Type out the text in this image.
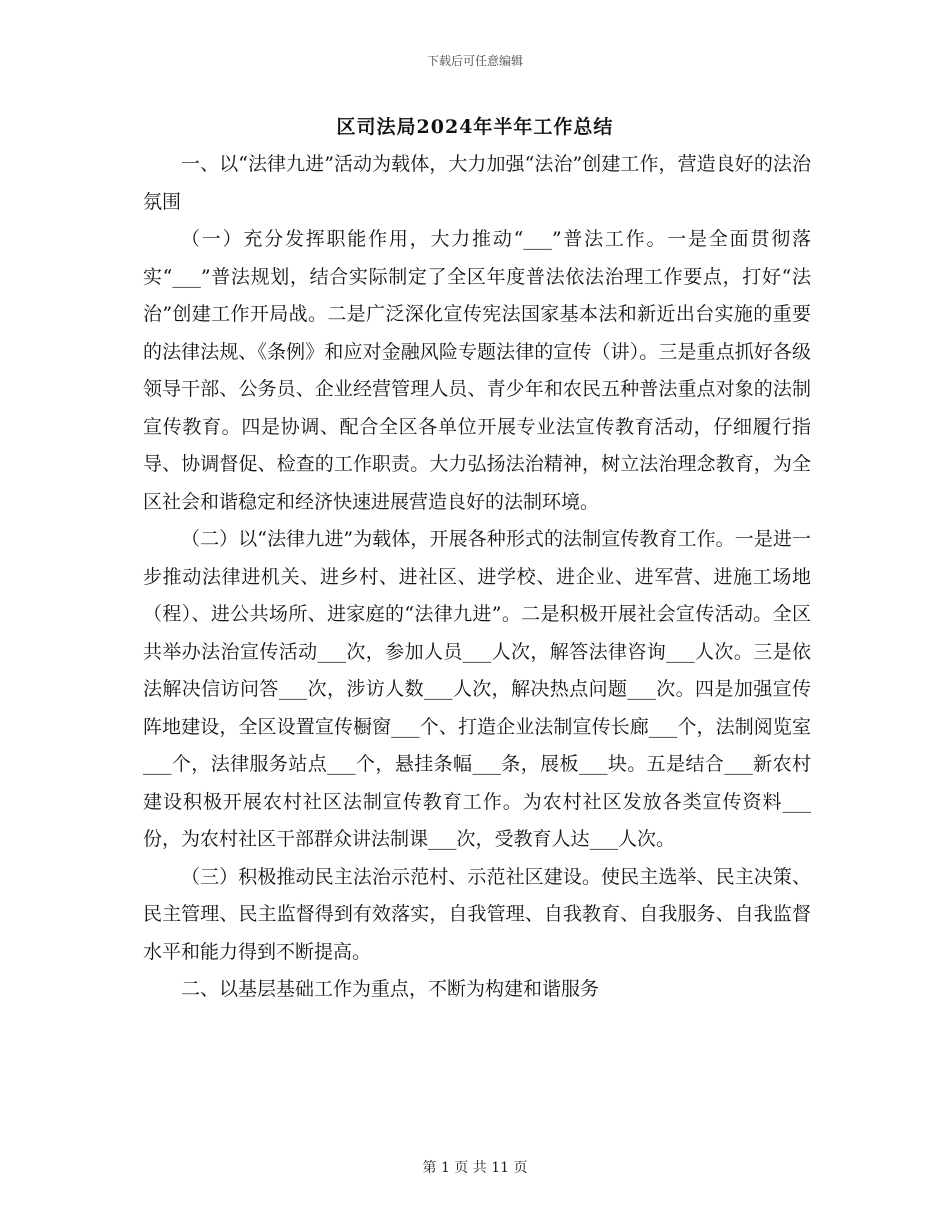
下载后可任意编辑
区司法局2024年半年工作总结

一、以“法律九进”活动为载体，大力加强“法治”创建工作，营造良好的法治氛围

（一）充分发挥职能作用，大力推动“___”普法工作。一是全面贯彻落实“___”普法规划，结合实际制定了全区年度普法依法治理工作要点，打好“法治”创建工作开局战。二是广泛深化宣传宪法国家基本法和新近出台实施的重要的法律法规、《条例》和应对金融风险专题法律的宣传（讲）。三是重点抓好各级领导干部、公务员、企业经营管理人员、青少年和农民五种普法重点对象的法制宣传教育。四是协调、配合全区各单位开展专业法宣传教育活动，仔细履行指导、协调督促、检查的工作职责。大力弘扬法治精神，树立法治理念教育，为全区社会和谐稳定和经济快速进展营造良好的法制环境。

（二）以“法律九进”为载体，开展各种形式的法制宣传教育工作。一是进一步推动法律进机关、进乡村、进社区、进学校、进企业、进军营、进施工场地（程）、进公共场所、进家庭的“法律九进”。二是积极开展社会宣传活动。全区共举办法治宣传活动___次，参加人员___人次，解答法律咨询___人次。三是依法解决信访问答___次，涉访人数___人次，解决热点问题___次。四是加强宣传阵地建设，全区设置宣传橱窗___个、打造企业法制宣传长廊___个，法制阅览室___个，法律服务站点___个，悬挂条幅___条，展板___块。五是结合___新农村建设积极开展农村社区法制宣传教育工作。为农村社区发放各类宣传资料___份，为农村社区干部群众讲法制课___次，受教育人达___人次。

（三）积极推动民主法治示范村、示范社区建设。使民主选举、民主决策、民主管理、民主监督得到有效落实，自我管理、自我教育、自我服务、自我监督水平和能力得到不断提高。

二、以基层基础工作为重点，不断为构建和谐服务

第 1 页 共 11 页
